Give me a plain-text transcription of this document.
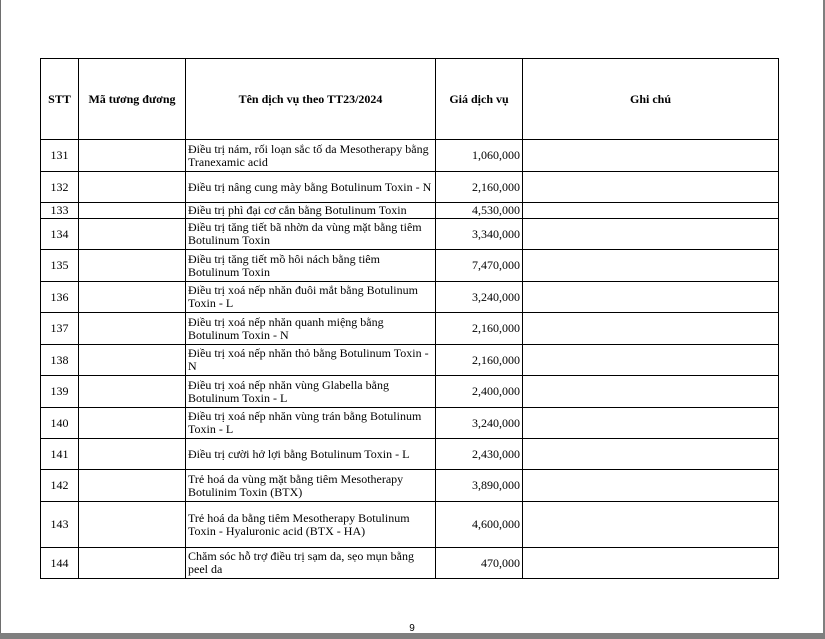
STT	Mã tương đương	Tên dịch vụ theo TT23/2024	Giá dịch vụ	Ghi chú
131		Điều trị nám, rối loạn sắc tố da Mesotherapy bằng Tranexamic acid	1,060,000	
132		Điều trị nâng cung mày bằng Botulinum Toxin - N	2,160,000	
133		Điều trị phì đại cơ cắn bằng Botulinum Toxin	4,530,000	
134		Điều trị tăng tiết bã nhờn da vùng mặt bằng tiêm Botulinum Toxin	3,340,000	
135		Điều trị tăng tiết mồ hôi nách bằng tiêm Botulinum Toxin	7,470,000	
136		Điều trị xoá nếp nhăn đuôi mắt bằng Botulinum Toxin - L	3,240,000	
137		Điều trị xoá nếp nhăn quanh miệng bằng Botulinum Toxin - N	2,160,000	
138		Điều trị xoá nếp nhăn thỏ bằng Botulinum Toxin - N	2,160,000	
139		Điều trị xoá nếp nhăn vùng Glabella bằng Botulinum Toxin - L	2,400,000	
140		Điều trị xoá nếp nhăn vùng trán bằng Botulinum Toxin - L	3,240,000	
141		Điều trị cười hở lợi bằng Botulinum Toxin - L	2,430,000	
142		Trẻ hoá da vùng mặt bằng tiêm Mesotherapy Botulinim Toxin (BTX)	3,890,000	
143		Trẻ hoá da bằng tiêm Mesotherapy Botulinum Toxin - Hyaluronic acid (BTX - HA)	4,600,000	
144		Chăm sóc hỗ trợ điều trị sạm da, sẹo mụn bằng peel da	470,000	
9
